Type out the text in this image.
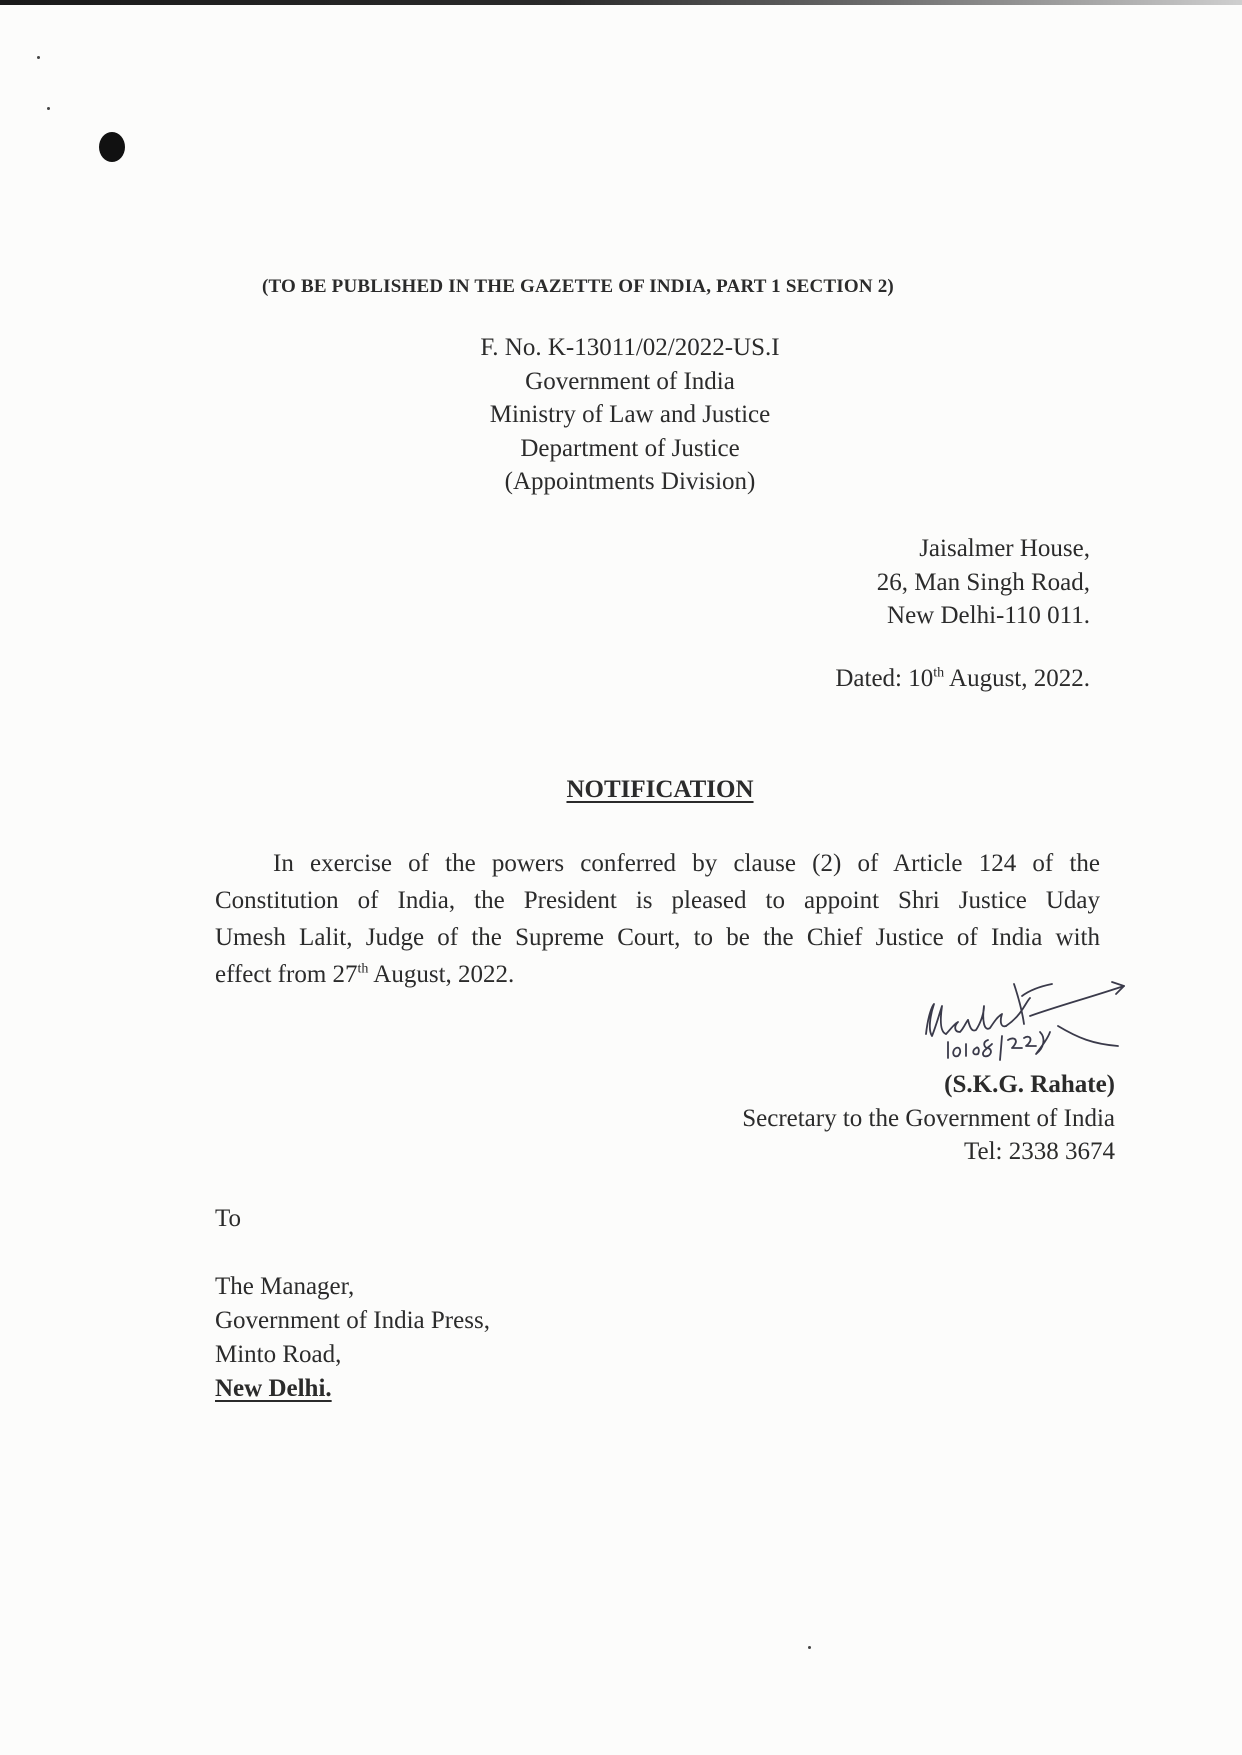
(TO BE PUBLISHED IN THE GAZETTE OF INDIA, PART 1 SECTION 2)
F. No. K-13011/02/2022-US.I
Government of India
Ministry of Law and Justice
Department of Justice
(Appointments Division)
Jaisalmer House,
26, Man Singh Road,
New Delhi-110 011.
Dated: 10th August, 2022.
NOTIFICATION
In exercise of the powers conferred by clause (2) of Article 124 of the
Constitution of India, the President is pleased to appoint Shri Justice Uday
Umesh Lalit, Judge of the Supreme Court, to be the Chief Justice of India with
effect from 27th August, 2022.
(S.K.G. Rahate)
Secretary to the Government of India
Tel: 2338 3674
To
The Manager,
Government of India Press,
Minto Road,
New Delhi.
